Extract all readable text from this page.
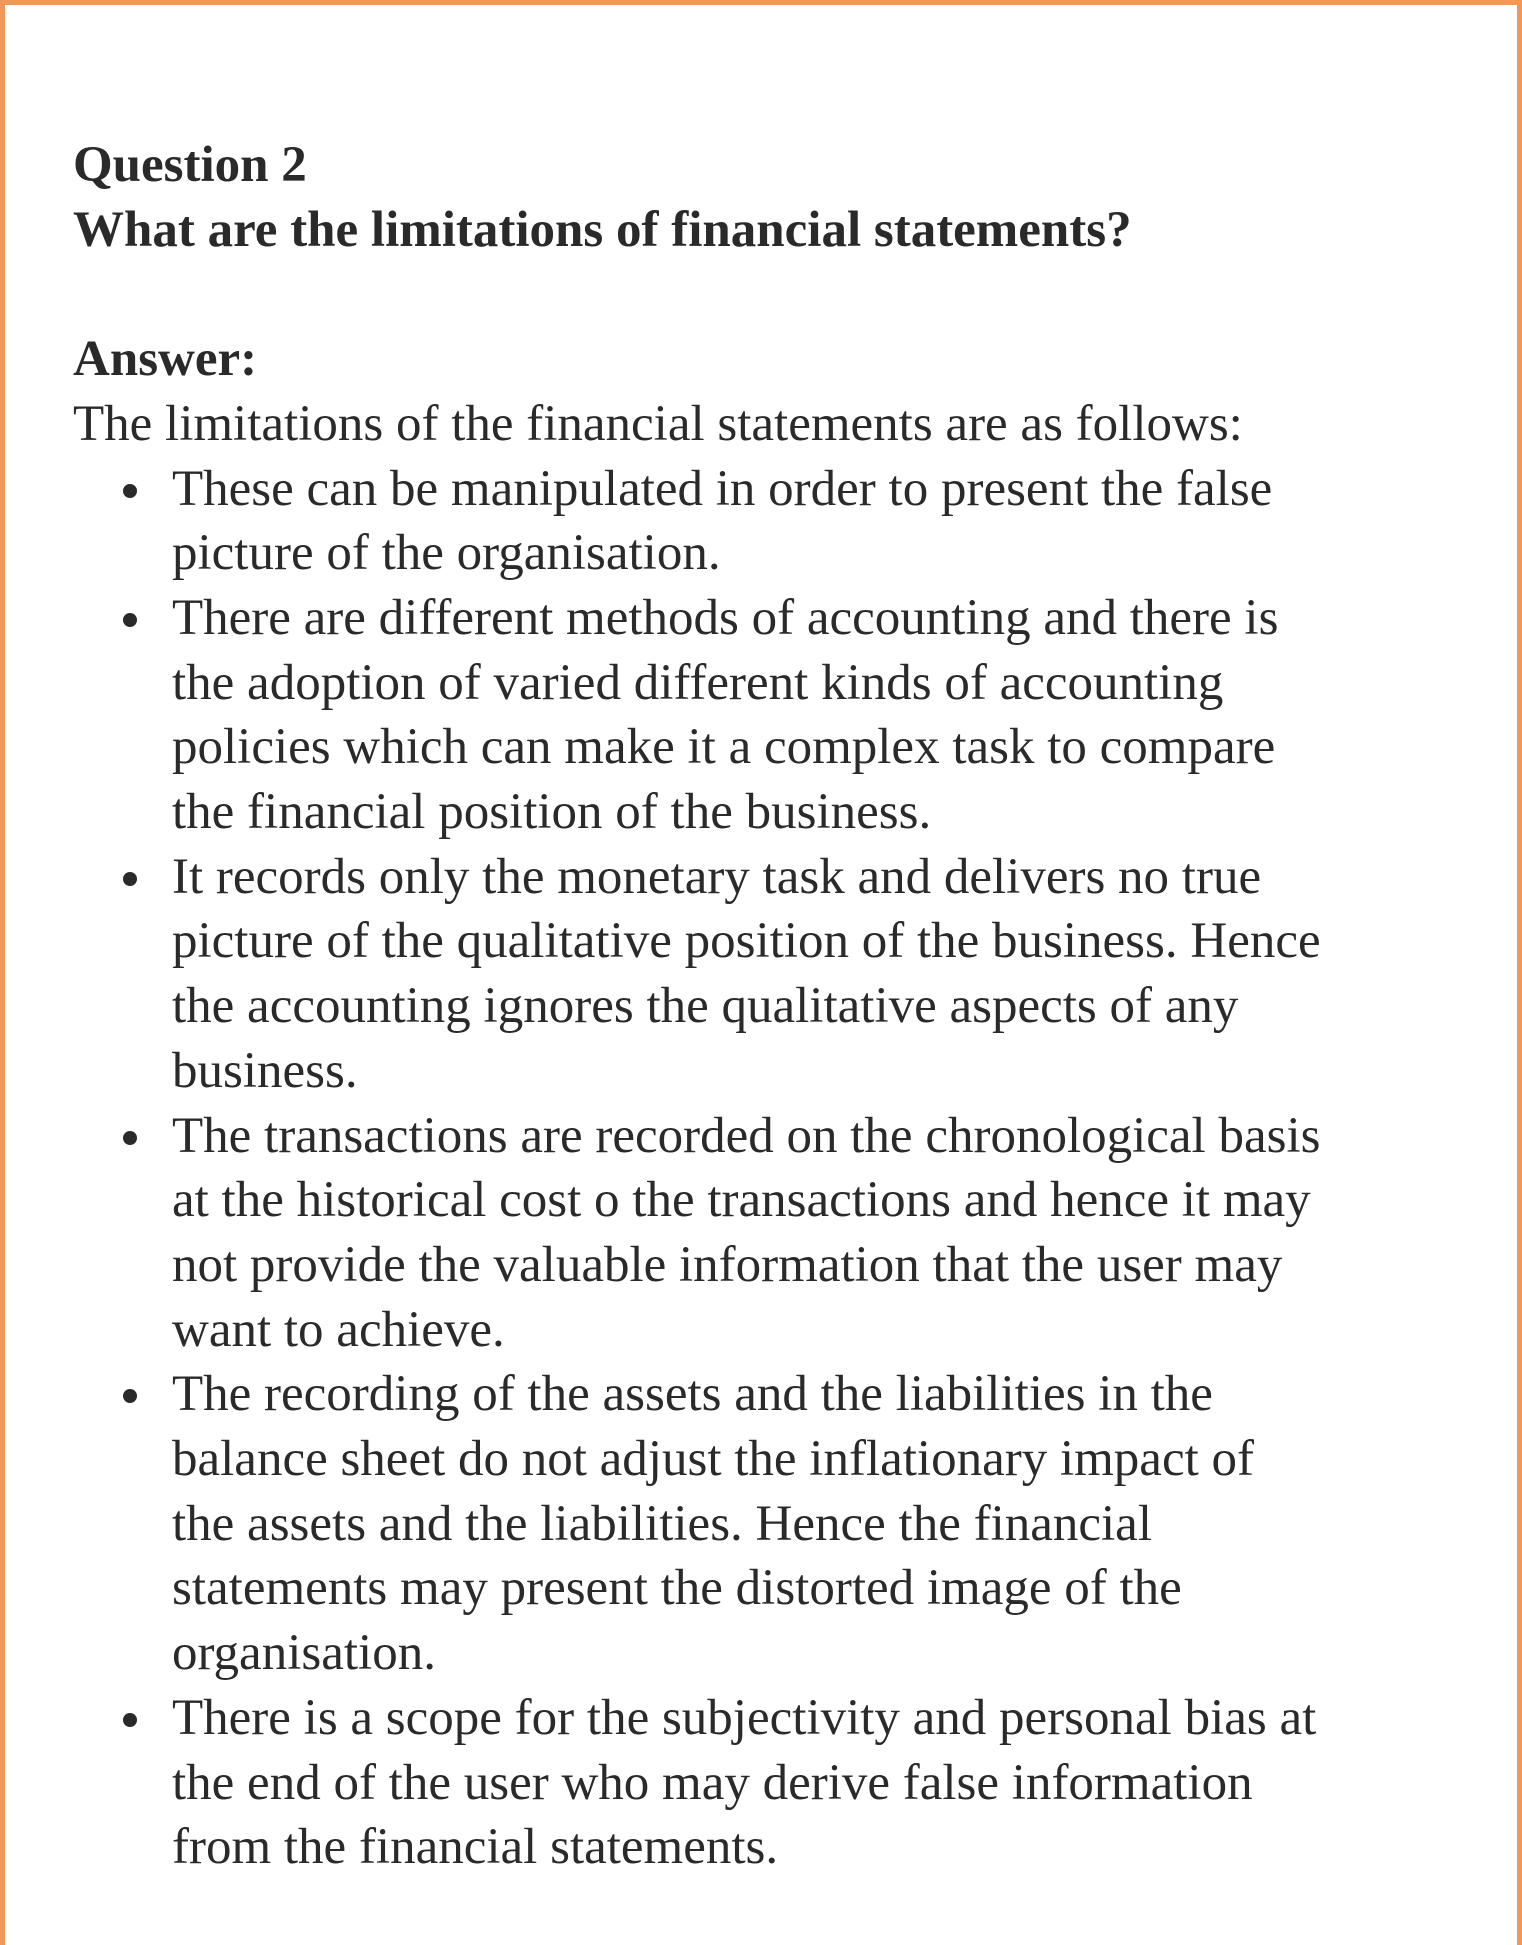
Question 2
What are the limitations of financial statements?
Answer:
The limitations of the financial statements are as follows:
These can be manipulated in order to present the false
picture of the organisation.
There are different methods of accounting and there is
the adoption of varied different kinds of accounting
policies which can make it a complex task to compare
the financial position of the business.
It records only the monetary task and delivers no true
picture of the qualitative position of the business. Hence
the accounting ignores the qualitative aspects of any
business.
The transactions are recorded on the chronological basis
at the historical cost o the transactions and hence it may
not provide the valuable information that the user may
want to achieve.
The recording of the assets and the liabilities in the
balance sheet do not adjust the inflationary impact of
the assets and the liabilities. Hence the financial
statements may present the distorted image of the
organisation.
There is a scope for the subjectivity and personal bias at
the end of the user who may derive false information
from the financial statements.
